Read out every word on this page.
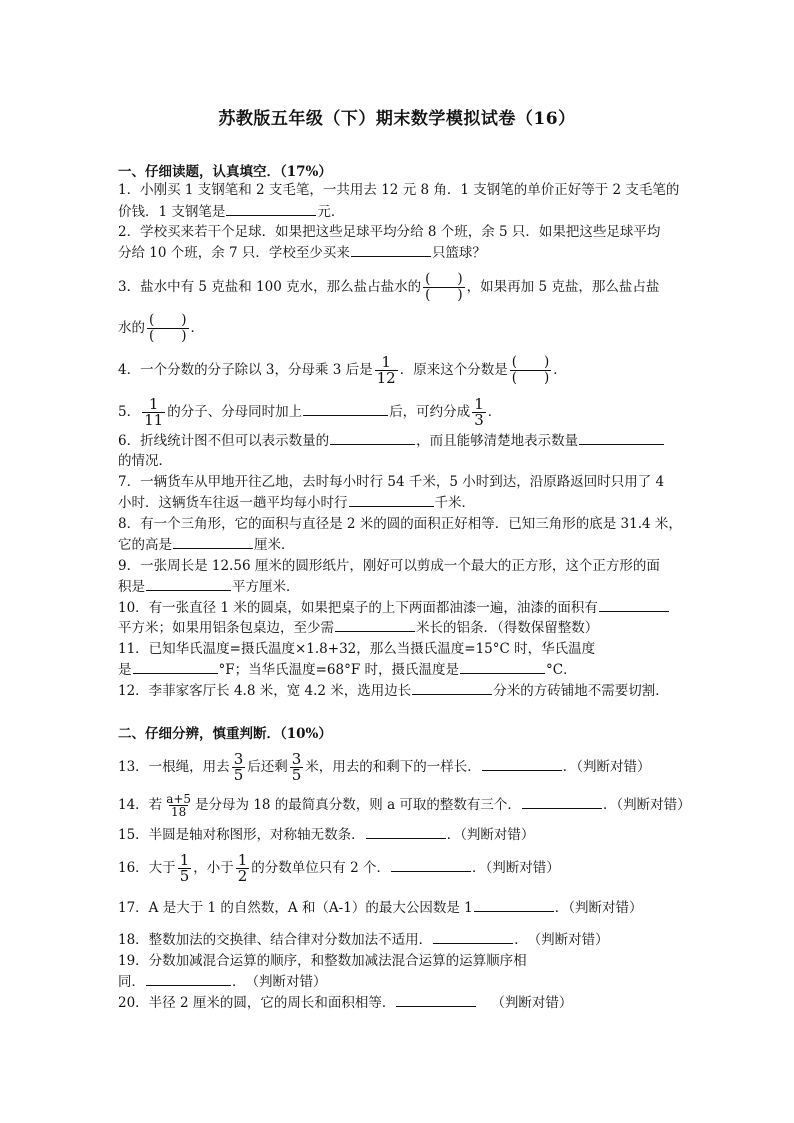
苏教版五年级（下）期末数学模拟试卷（16）
一、仔细读题，认真填空．（17%）
1．小刚买 1 支钢笔和 2 支毛笔，一共用去 12 元 8 角．1 支钢笔的单价正好等于 2 支毛笔的
价钱．1 支钢笔是	元．
2．学校买来若干个足球．如果把这些足球平均分给 8 个班，余 5 只．如果把这些足球平均
分给 10 个班，余 7 只．学校至少买来	只篮球？
3．盐水中有 5 克盐和 100 克水，那么盐占盐水的 (　　)
(　　) ，如果再加 5 克盐，那么盐占盐
水的 (　　)
(　　) ．
4．一个分数的分子除以 3，分母乘 3 后是 $\frac{1}{12}$ ．原来这个分数是 (　　)
(　　) ．
5． $\frac{1}{11}$ 的分子、分母同时加上	后，可约分成 $\frac{1}{3}$ ．
6．折线统计图不但可以表示数量的	，而且能够清楚地表示数量
的情况．
7．一辆货车从甲地开往乙地，去时每小时行 54 千米，5 小时到达，沿原路返回时只用了 4
小时．这辆货车往返一趟平均每小时行	千米．
8．有一个三角形，它的面积与直径是 2 米的圆的面积正好相等．已知三角形的底是 31.4 米，
它的高是	厘米．
9．一张周长是 12.56 厘米的圆形纸片，刚好可以剪成一个最大的正方形，这个正方形的面
积是	平方厘米．
10．有一张直径 1 米的圆桌，如果把桌子的上下两面都油漆一遍，油漆的面积有
平方米；如果用铝条包桌边，至少需	米长的铝条．（得数保留整数）
11．已知华氏温度=摄氏温度×1.8+32，那么当摄氏温度=15°C 时，华氏温度
是	°F；当华氏温度=68°F 时，摄氏温度是	°C．
12．李菲家客厅长 4.8 米，宽 4.2 米，选用边长	分米的方砖铺地不需要切割．
二、仔细分辨，慎重判断．（10%）
13．一根绳，用去 $\frac{3}{5}$ 后还剩 $\frac{3}{5}$ 米，用去的和剩下的一样长．	．（判断对错）
14．若 $\frac{a+5}{18}$ 是分母为 18 的最简真分数，则 a 可取的整数有三个．	．（判断对错）
15．半圆是轴对称图形，对称轴无数条．	．（判断对错）
16．大于 $\frac{1}{5}$ ，小于 $\frac{1}{2}$ 的分数单位只有 2 个．	．（判断对错）
17．A 是大于 1 的自然数，A 和（A-1）的最大公因数是 1	．（判断对错）
18．整数加法的交换律、结合律对分数加法不适用．	．　（判断对错）
19．分数加减混合运算的顺序，和整数加减法混合运算的运算顺序相
同．	．　（判断对错）
20．半径 2 厘米的圆，它的周长和面积相等．	（判断对错）
